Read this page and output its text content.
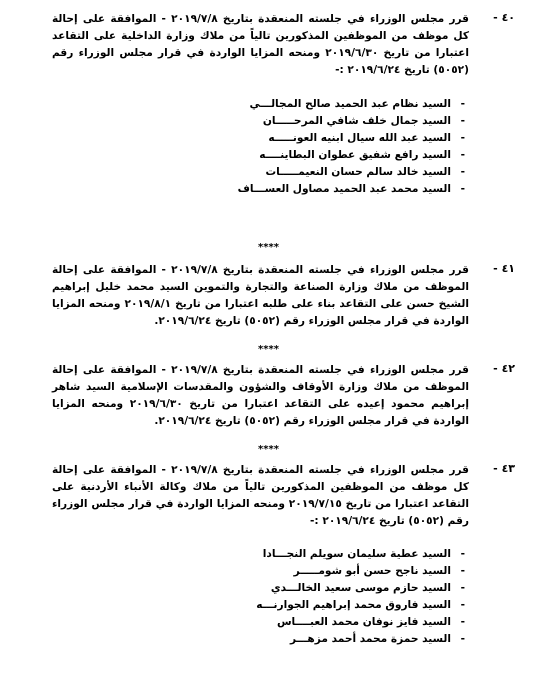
٤٠ -
قرر مجلس الوزراء في جلسته المنعقدة بتاريخ ٢٠١٩/٧/٨ - الموافقة على إحالة كل موظف من الموظفين المذكورين تالياً من ملاك وزارة الداخلية على التقاعد اعتبارا من تاريخ ٢٠١٩/٦/٣٠ ومنحه المزايا الواردة في قرار مجلس الوزراء رقم (٥٠٥٢) تاريخ ٢٠١٩/٦/٢٤ :-
-السيد نظام عبد الحميد صالح المجالـــي
-السيد جمال خلف شافي المرحـــــان
-السيد عبد الله سيال ابنيه العونـــــه
-السيد رافع شفيق عطوان البطاينــــه
-السيد خالد سالم حسان النعيمـــــات
-السيد محمد عبد الحميد مصاول العســـاف
****
٤١ -
قرر مجلس الوزراء في جلسته المنعقدة بتاريخ ٢٠١٩/٧/٨ - الموافقة على إحالة الموظف من ملاك وزارة الصناعة والتجارة والتموين السيد محمد خليل إبراهيم الشيخ حسن على التقاعد بناء على طلبه اعتبارا من تاريخ ٢٠١٩/٨/١ ومنحه المزايا الواردة في قرار مجلس الوزراء رقم (٥٠٥٢) تاريخ ٢٠١٩/٦/٢٤.
****
٤٢ -
قرر مجلس الوزراء في جلسته المنعقدة بتاريخ ٢٠١٩/٧/٨ - الموافقة على إحالة الموظف من ملاك وزارة الأوقاف والشؤون والمقدسات الإسلامية السيد شاهر إبراهيم محمود إعيده على التقاعد اعتبارا من تاريخ ٢٠١٩/٦/٣٠ ومنحه المزايا الواردة في قرار مجلس الوزراء رقم (٥٠٥٢) تاريخ ٢٠١٩/٦/٢٤.
****
٤٣ -
قرر مجلس الوزراء في جلسته المنعقدة بتاريخ ٢٠١٩/٧/٨ - الموافقة على إحالة كل موظف من الموظفين المذكورين تالياً من ملاك وكالة الأنباء الأردنية على التقاعد اعتبارا من تاريخ ٢٠١٩/٧/١٥ ومنحه المزايا الواردة في قرار مجلس الوزراء رقم (٥٠٥٢) تاريخ ٢٠١٩/٦/٢٤ :-
-السيد عطية سليمان سويلم النجـــادا
-السيد ناجح حسن أبو شومـــــر
-السيد حازم موسى سعيد الخالـــدي
-السيد فاروق محمد إبراهيم الجوارنـــه
-السيد فايز نوفان محمد العبــــاس
-السيد حمزة محمد أحمد مزهـــر
